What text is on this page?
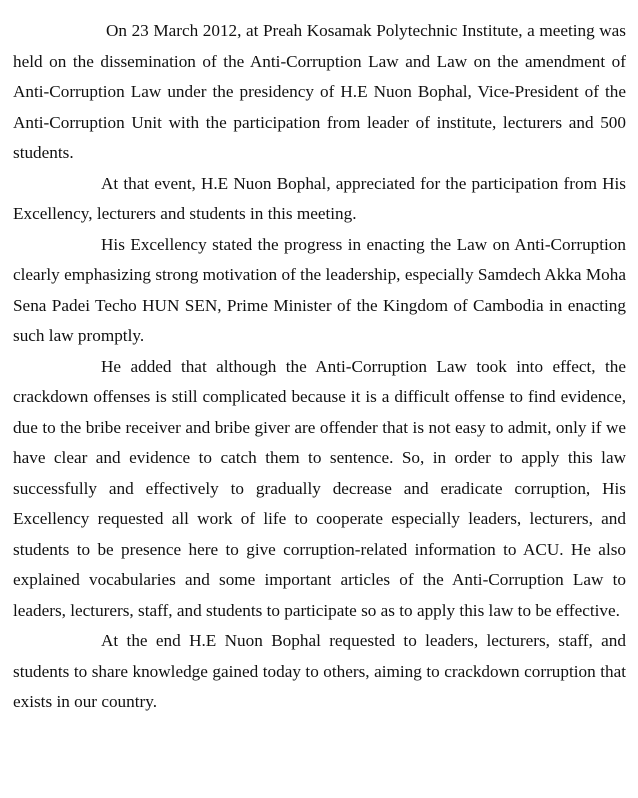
On 23 March 2012, at Preah Kosamak Polytechnic Institute, a meeting was held on the dissemination of the Anti-Corruption Law and Law on the amendment of Anti-Corruption Law under the presidency of H.E Nuon Bophal, Vice-President of the Anti-Corruption Unit with the participation from leader of institute, lecturers and 500 students.

At that event, H.E Nuon Bophal, appreciated for the participation from His Excellency, lecturers and students in this meeting.

His Excellency stated the progress in enacting the Law on Anti-Corruption clearly emphasizing strong motivation of the leadership, especially Samdech Akka Moha Sena Padei Techo HUN SEN, Prime Minister of the Kingdom of Cambodia in enacting such law promptly.

He added that although the Anti-Corruption Law took into effect, the crackdown offenses is still complicated because it is a difficult offense to find evidence, due to the bribe receiver and bribe giver are offender that is not easy to admit, only if we have clear and evidence to catch them to sentence. So, in order to apply this law successfully and effectively to gradually decrease and eradicate corruption, His Excellency requested all work of life to cooperate especially leaders, lecturers, and students to be presence here to give corruption-related information to ACU. He also explained vocabularies and some important articles of the Anti-Corruption Law to leaders, lecturers, staff, and students to participate so as to apply this law to be effective.

At the end H.E Nuon Bophal requested to leaders, lecturers, staff, and students to share knowledge gained today to others, aiming to crackdown corruption that exists in our country.
